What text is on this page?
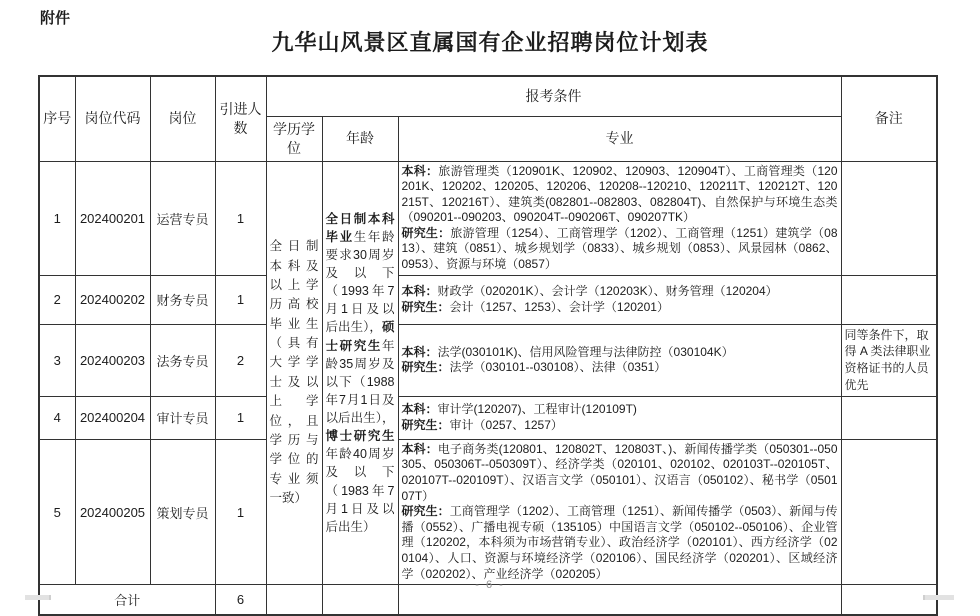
附件
九华山风景区直属国有企业招聘岗位计划表
序号	岗位代码	岗位	引进人数	报考条件			备注
				学历学位	年龄	专业	
1	202400201	运营专员	1	全日制本科及以上学历高校毕业生（具有大学学士及以上学位，且学历与学位的专业须一致）	全日制本科毕业生年龄要求30周岁及以下（1993年7月1日及以后出生），硕士研究生年龄35周岁及以下（1988年7月1日及以后出生），博士研究生年龄40周岁及以下（1983年7月1日及以后出生）	本科：旅游管理类（120901K、120902、120903、120904T）、工商管理类（120201K、120202、120205、120206、120208--120210、120211T、120212T、120215T、120216T）、建筑类(082801--082803、082804T)、自然保护与环境生态类（090201--090203、090204T--090206T、090207TK）
研究生：旅游管理（1254）、工商管理学（1202）、工商管理（1251）建筑学（0813）、建筑（0851）、城乡规划学（0833）、城乡规划（0853）、风景园林（0862、0953）、资源与环境（0857）	

2	202400202	财务专员	1			本科：财政学（020201K）、会计学（120203K）、财务管理（120204）
研究生：会计（1257、1253）、会计学（120201）	

3	202400203	法务专员	2			本科：法学(030101K)、信用风险管理与法律防控（030104K）
研究生：法学（030101--030108）、法律（0351）	同等条件下，取得 A 类法律职业资格证书的人员优先
4	202400204	审计专员	1			本科：审计学(120207)、工程审计(120109T)
研究生：审计（0257、1257）	

5	202400205	策划专员	1			本科：电子商务类(120801、120802T、120803T、)、新闻传播学类（050301--050305、050306T--050309T）、经济学类（020101、020102、020103T--020105T、020107T--020109T）、汉语言文学（050101）、汉语言（050102）、秘书学（050107T）
研究生：工商管理学（1202）、工商管理（1251）、新闻传播学（0503）、新闻与传播（0552）、广播电视专硕（135105）中国语言文学（050102--050106）、企业管理（120202，本科须为市场营销专业）、政治经济学（020101）、西方经济学（020104）、人口、资源与环境经济学（020106）、国民经济学（020201）、区域经济学（020202）、产业经济学（020205）	

合计			6				
- 6 -
